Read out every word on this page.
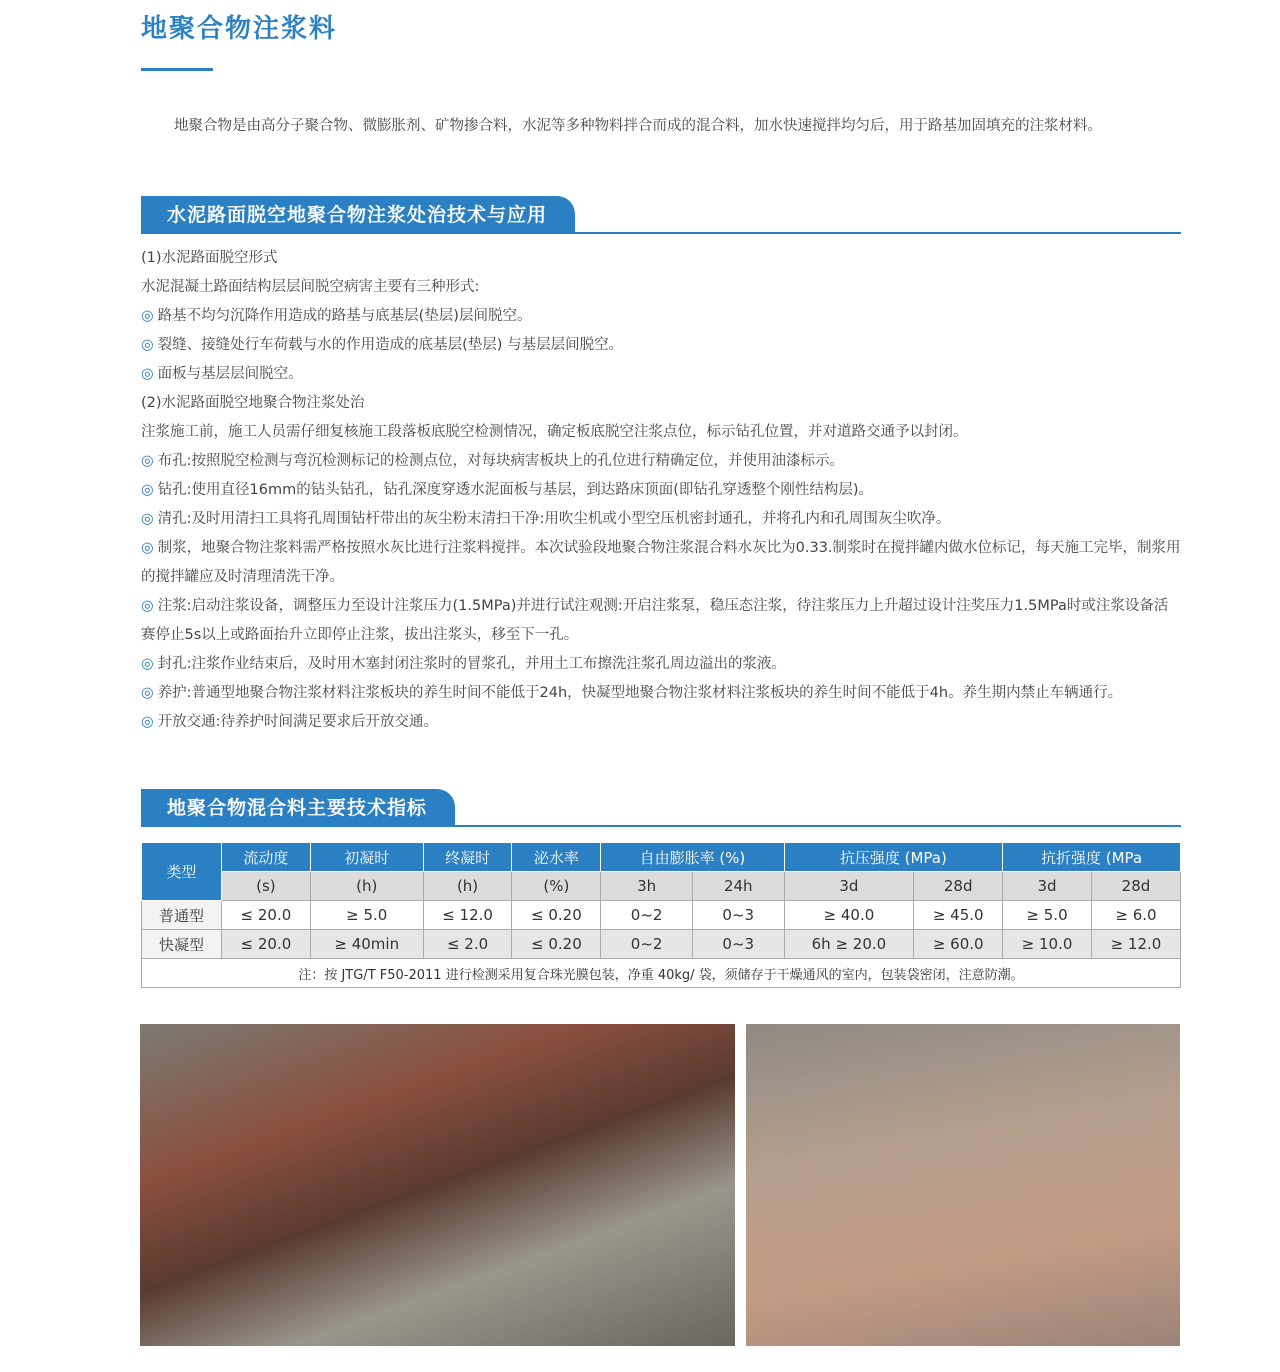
地聚合物注浆料

地聚合物是由高分子聚合物、微膨胀剂、矿物掺合料，水泥等多种物料拌合而成的混合料，加水快速搅拌均匀后，用于路基加固填充的注浆材料。

水泥路面脱空地聚合物注浆处治技术与应用
(1)水泥路面脱空形式
水泥混凝土路面结构层层间脱空病害主要有三种形式:
◎ 路基不均匀沉降作用造成的路基与底基层(垫层)层间脱空。
◎ 裂缝、接缝处行车荷载与水的作用造成的底基层(垫层) 与基层层间脱空。
◎ 面板与基层层间脱空。
(2)水泥路面脱空地聚合物注浆处治
注浆施工前，施工人员需仔细复核施工段落板底脱空检测情况，确定板底脱空注浆点位，标示钻孔位置，并对道路交通予以封闭。
◎ 布孔:按照脱空检测与弯沉检测标记的检测点位，对每块病害板块上的孔位进行精确定位，并使用油漆标示。
◎ 钻孔:使用直径16mm的钻头钻孔，钻孔深度穿透水泥面板与基层，到达路床顶面(即钻孔穿透整个刚性结构层)。
◎ 清孔:及时用清扫工具将孔周围钻杆带出的灰尘粉末清扫干净:用吹尘机或小型空压机密封通孔，并将孔内和孔周围灰尘吹净。
◎ 制浆，地聚合物注浆料需严格按照水灰比进行注浆料搅拌。本次试验段地聚合物注浆混合料水灰比为0.33.制浆时在搅拌罐内做水位标记，每天施工完毕，制浆用的搅拌罐应及时清理清洗干净。
◎ 注浆:启动注浆设备，调整压力至设计注浆压力(1.5MPa)并进行试注观测:开启注浆泵，稳压态注浆，待注浆压力上升超过设计注奖压力1.5MPa时或注浆设备活赛停止5s以上或路面抬升立即停止注浆，拔出注浆头，移至下一孔。
◎ 封孔:注浆作业结束后，及时用木塞封闭注浆时的冒浆孔，并用土工布擦洗注浆孔周边溢出的浆液。
◎ 养护:普通型地聚合物注浆材料注浆板块的养生时间不能低于24h，快凝型地聚合物注浆材料注浆板块的养生时间不能低于4h。养生期内禁止车辆通行。
◎ 开放交通:待养护时间满足要求后开放交通。
地聚合物混合料主要技术指标
类型	流动度	初凝时	终凝时	泌水率	自由膨胀率 (%)		抗压强度 (MPa)		抗折强度 (MPa	
	(s)	(h)	(h)	(%)	3h	24h	3d	28d	3d	28d
普通型	≤ 20.0	≥ 5.0	≤ 12.0	≤ 0.20	0~2	0~3	≥ 40.0	≥ 45.0	≥ 5.0	≥ 6.0
快凝型	≤ 20.0	≥ 40min	≤ 2.0	≤ 0.20	0~2	0~3	6h ≥ 20.0	≥ 60.0	≥ 10.0	≥ 12.0
注：按 JTG/T F50-2011 进行检测采用复合珠光膜包装，净重 40kg/ 袋，须储存于干燥通风的室内，包装袋密闭，注意防潮。										
